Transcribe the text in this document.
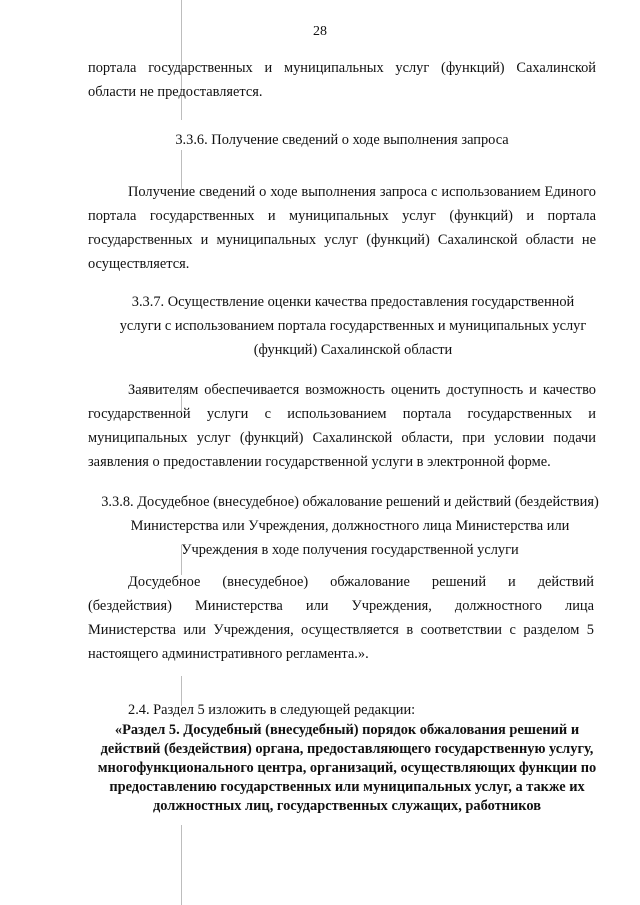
28
портала государственных и муниципальных услуг (функций) Сахалинской области не предоставляется.
3.3.6. Получение сведений о ходе выполнения запроса
Получение сведений о ходе выполнения запроса с использованием Единого портала государственных и муниципальных услуг (функций) и портала государственных и муниципальных услуг (функций) Сахалинской области не осуществляется.
3.3.7. Осуществление оценки качества предоставления государственной услуги с использованием портала государственных и муниципальных услуг (функций) Сахалинской области
Заявителям обеспечивается возможность оценить доступность и качество государственной услуги с использованием портала государственных и муниципальных услуг (функций) Сахалинской области, при условии подачи заявления о предоставлении государственной услуги в электронной форме.
3.3.8. Досудебное (внесудебное) обжалование решений и действий (бездействия) Министерства или Учреждения, должностного лица Министерства или Учреждения в ходе получения государственной услуги
Досудебное (внесудебное) обжалование решений и действий
(бездействия) Министерства или Учреждения, должностного лица
Министерства или Учреждения, осуществляется в соответствии с разделом 5
настоящего административного регламента.».
2.4. Раздел 5 изложить в следующей редакции:
«Раздел 5. Досудебный (внесудебный) порядок обжалования решений и действий (бездействия) органа, предоставляющего государственную услугу, многофункционального центра, организаций, осуществляющих функции по предоставлению государственных или муниципальных услуг, а также их должностных лиц, государственных служащих, работников
